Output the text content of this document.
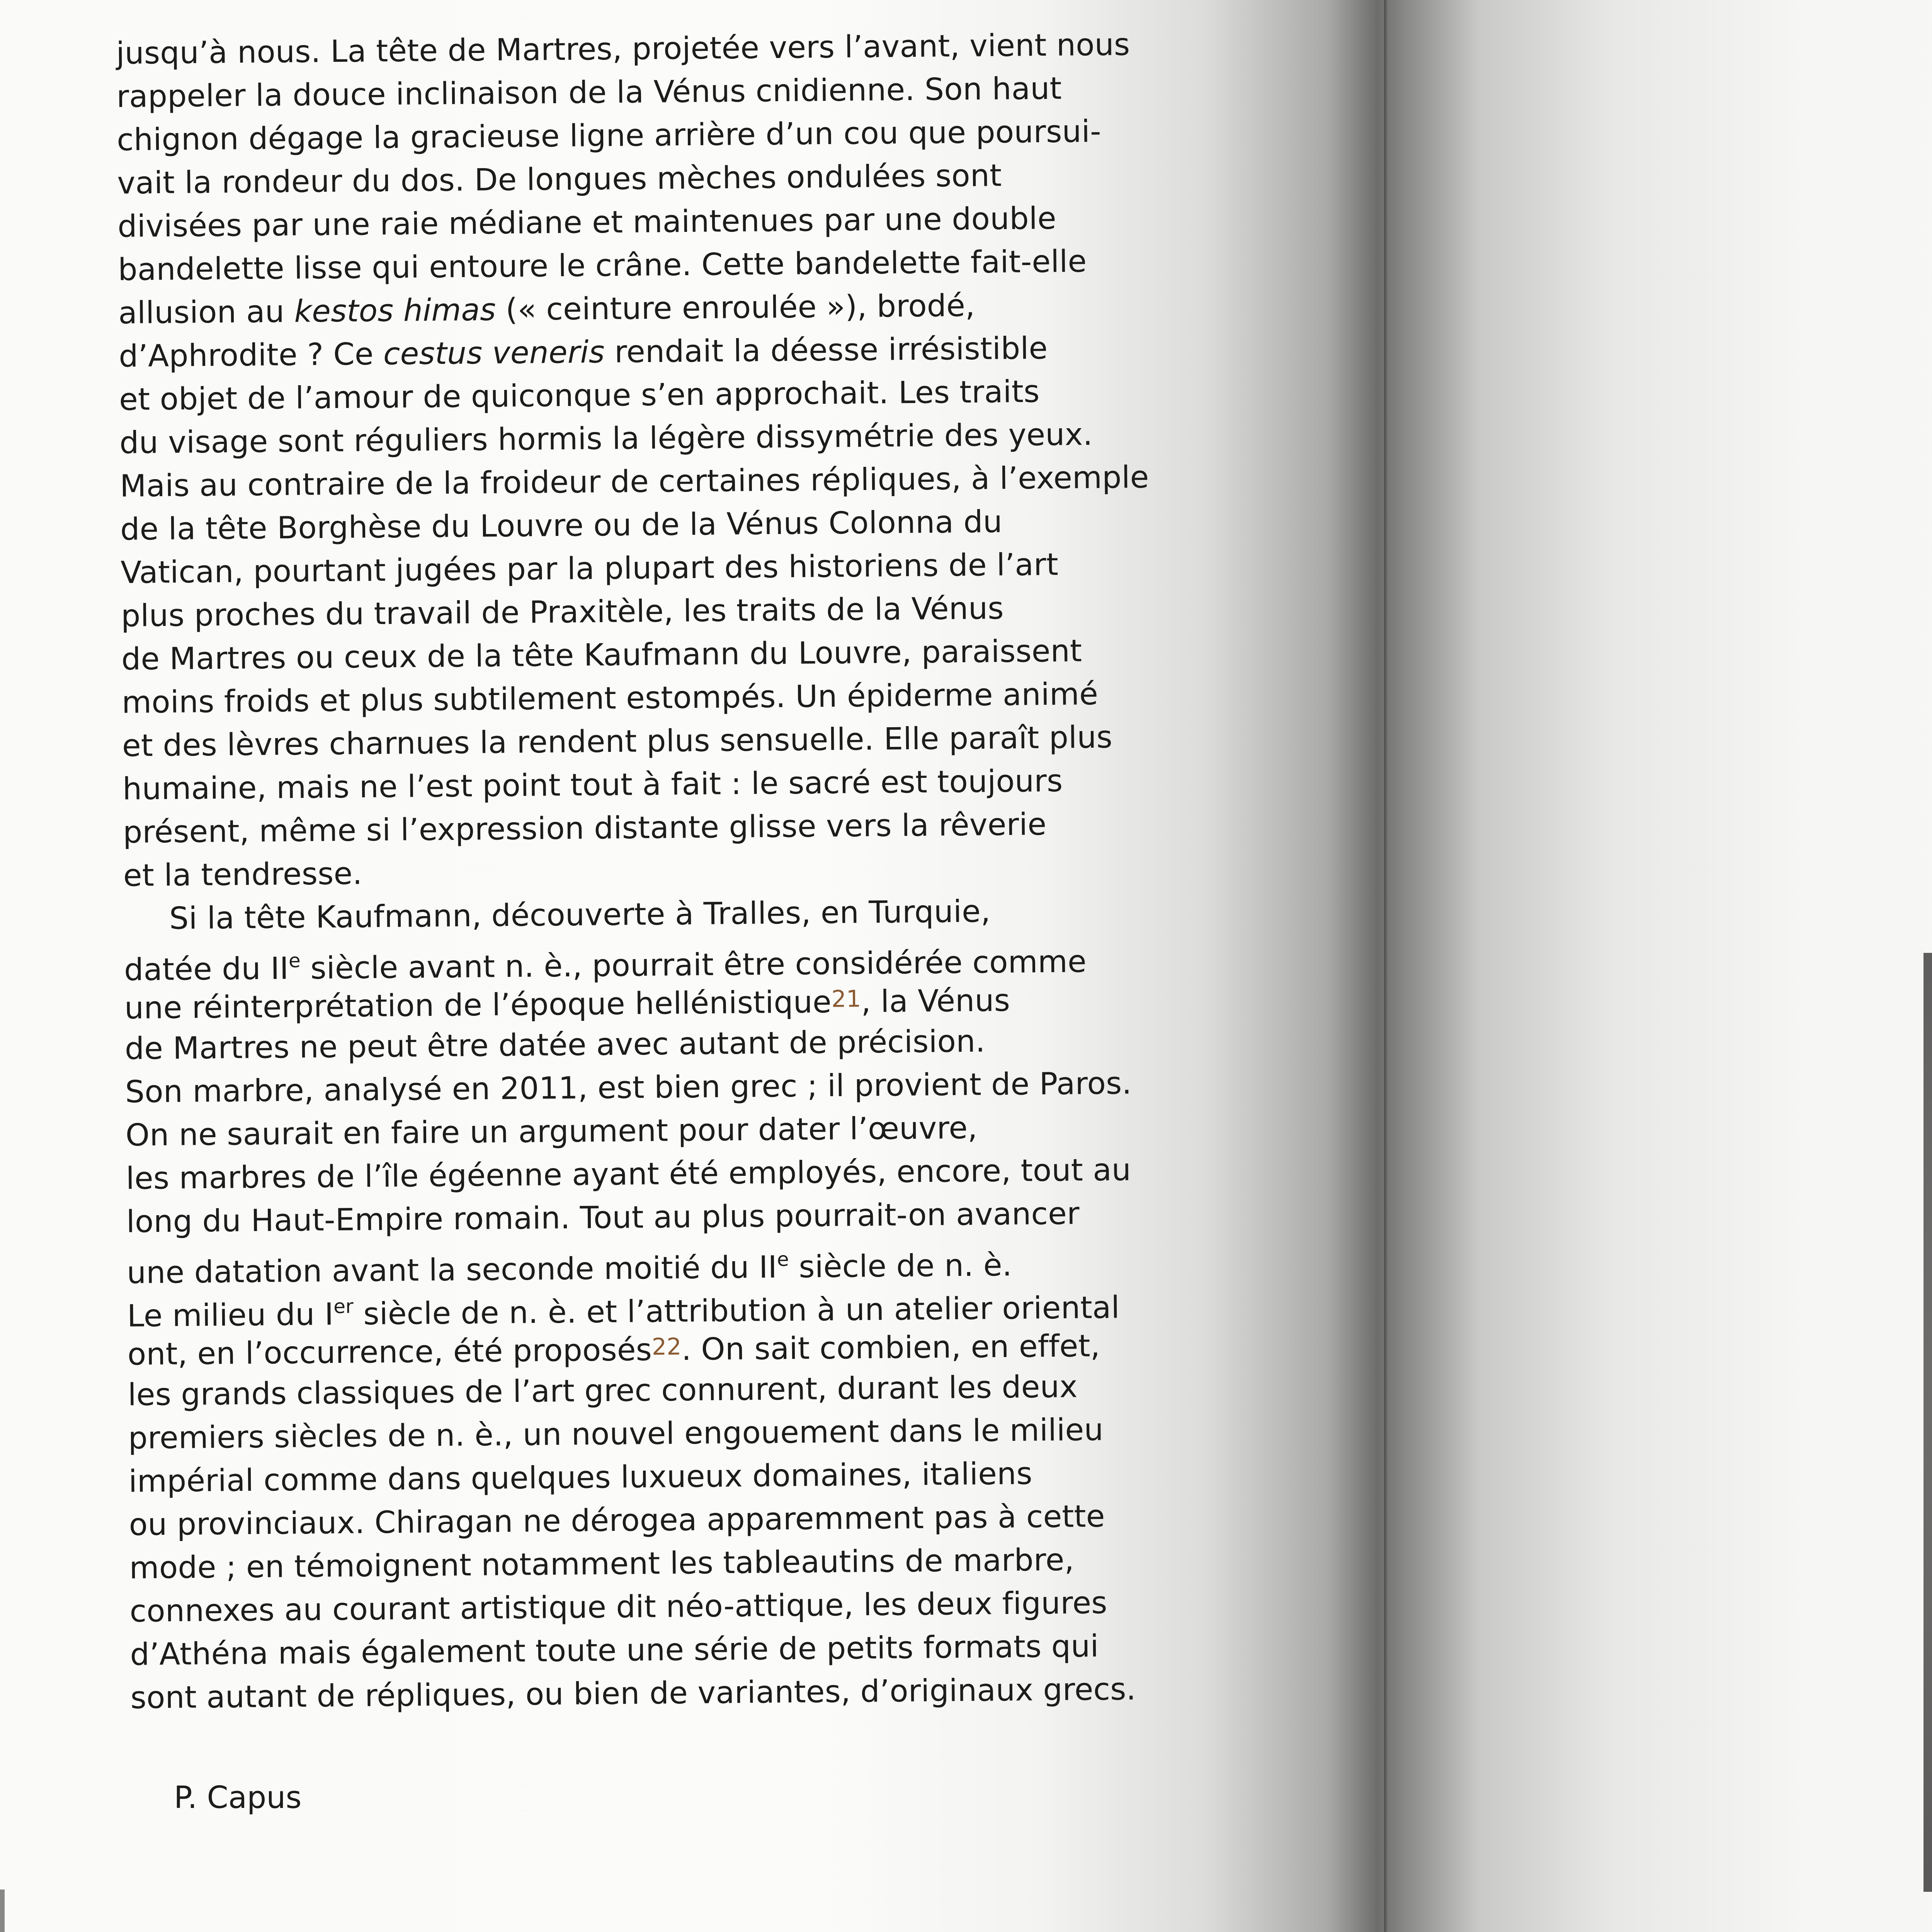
jusqu’à nous. La tête de Martres, projetée vers l’avant, vient nous
rappeler la douce inclinaison de la Vénus cnidienne. Son haut
chignon dégage la gracieuse ligne arrière d’un cou que poursui-
vait la rondeur du dos. De longues mèches ondulées sont
divisées par une raie médiane et maintenues par une double
bandelette lisse qui entoure le crâne. Cette bandelette fait-elle
allusion au kestos himas (« ceinture enroulée »), brodé,
d’Aphrodite ? Ce cestus veneris rendait la déesse irrésistible
et objet de l’amour de quiconque s’en approchait. Les traits
du visage sont réguliers hormis la légère dissymétrie des yeux.
Mais au contraire de la froideur de certaines répliques, à l’exemple
de la tête Borghèse du Louvre ou de la Vénus Colonna du
Vatican, pourtant jugées par la plupart des historiens de l’art
plus proches du travail de Praxitèle, les traits de la Vénus
de Martres ou ceux de la tête Kaufmann du Louvre, paraissent
moins froids et plus subtilement estompés. Un épiderme animé
et des lèvres charnues la rendent plus sensuelle. Elle paraît plus
humaine, mais ne l’est point tout à fait : le sacré est toujours
présent, même si l’expression distante glisse vers la rêverie
et la tendresse.
Si la tête Kaufmann, découverte à Tralles, en Turquie,
datée du IIe siècle avant n. è., pourrait être considérée comme
une réinterprétation de l’époque hellénistique21, la Vénus
de Martres ne peut être datée avec autant de précision.
Son marbre, analysé en 2011, est bien grec ; il provient de Paros.
On ne saurait en faire un argument pour dater l’œuvre,
les marbres de l’île égéenne ayant été employés, encore, tout au
long du Haut-Empire romain. Tout au plus pourrait-on avancer
une datation avant la seconde moitié du IIe siècle de n. è.
Le milieu du Ier siècle de n. è. et l’attribution à un atelier oriental
ont, en l’occurrence, été proposés22. On sait combien, en effet,
les grands classiques de l’art grec connurent, durant les deux
premiers siècles de n. è., un nouvel engouement dans le milieu
impérial comme dans quelques luxueux domaines, italiens
ou provinciaux. Chiragan ne dérogea apparemment pas à cette
mode ; en témoignent notamment les tableautins de marbre,
connexes au courant artistique dit néo-attique, les deux figures
d’Athéna mais également toute une série de petits formats qui
sont autant de répliques, ou bien de variantes, d’originaux grecs.
P. Capus
